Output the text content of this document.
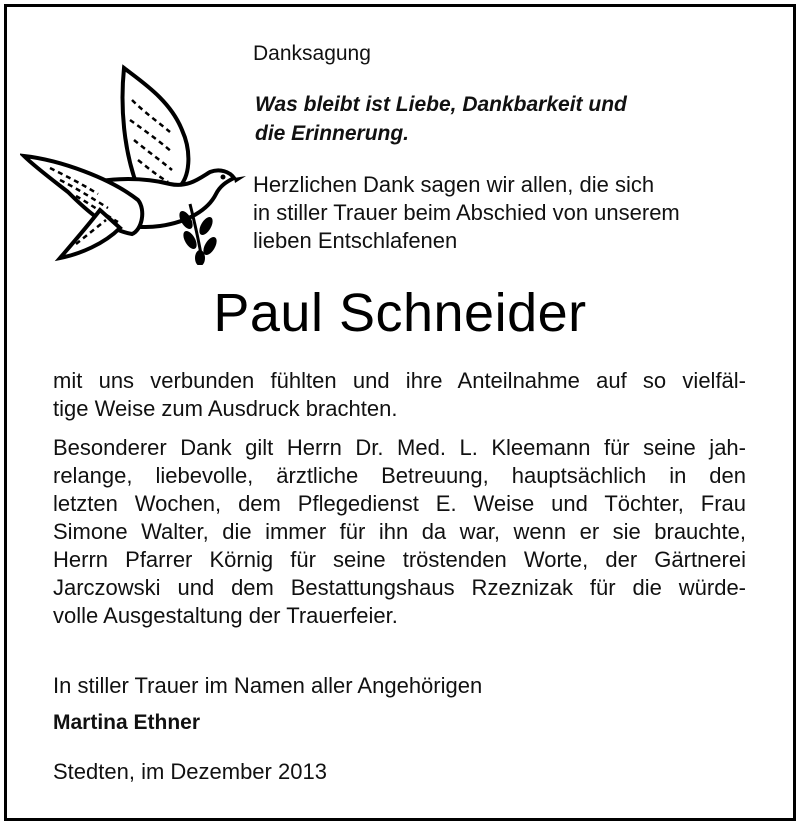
Danksagung
Was bleibt ist Liebe, Dankbarkeit und
die Erinnerung.
Herzlichen Dank sagen wir allen, die sich
in stiller Trauer beim Abschied von unserem
lieben Entschlafenen
Paul Schneider
mit uns verbunden fühlten und ihre Anteilnahme auf so vielfäl-
tige Weise zum Ausdruck brachten.
Besonderer Dank gilt Herrn Dr. Med. L. Kleemann für seine jah-
relange, liebevolle, ärztliche Betreuung, hauptsächlich in den
letzten Wochen, dem Pflegedienst E. Weise und Töchter, Frau
Simone Walter, die immer für ihn da war, wenn er sie brauchte,
Herrn Pfarrer Körnig für seine tröstenden Worte, der Gärtnerei
Jarczowski und dem Bestattungshaus Rzeznizak für die würde-
volle Ausgestaltung der Trauerfeier.
In stiller Trauer im Namen aller Angehörigen
Martina Ethner
Stedten, im Dezember 2013
